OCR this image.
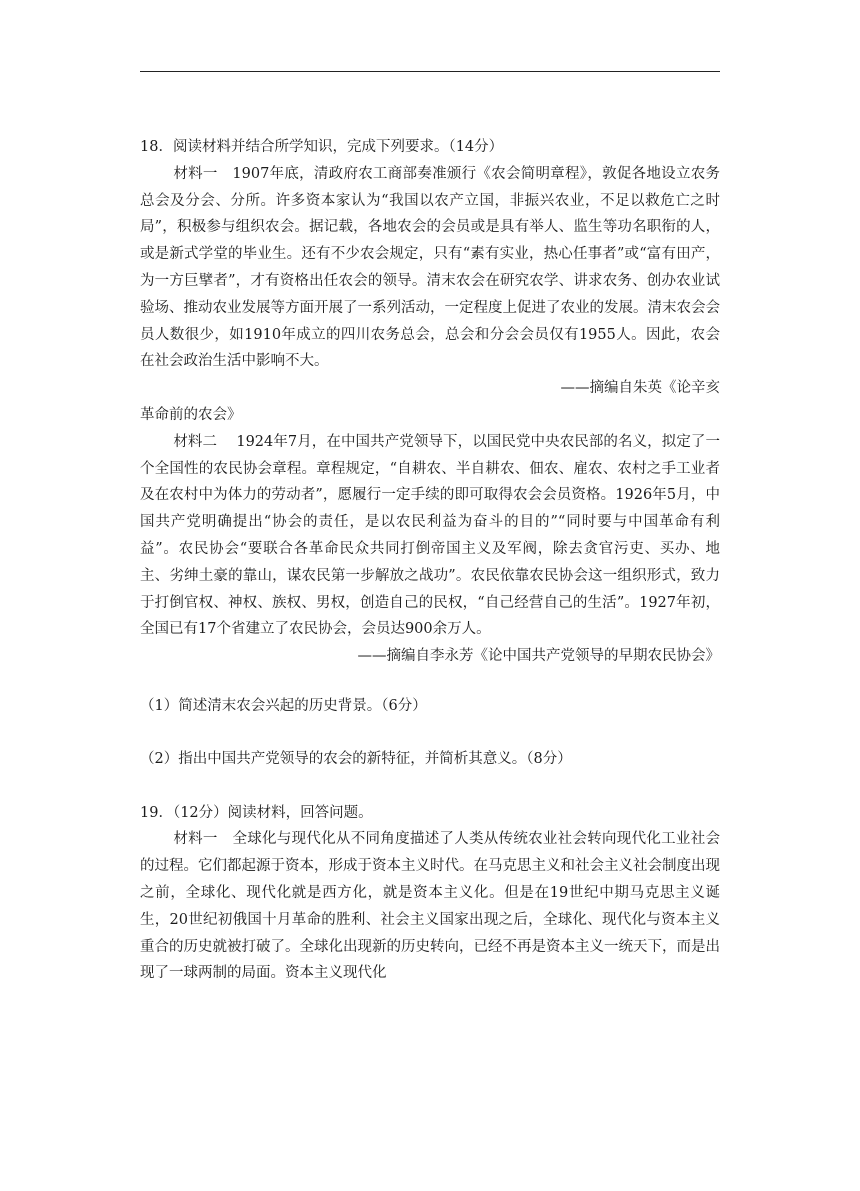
18．阅读材料并结合所学知识，完成下列要求。（14分）

材料一　1907年底，清政府农工商部奏准颁行《农会简明章程》，敦促各地设立农务总会及分会、分所。许多资本家认为“我国以农产立国，非振兴农业，不足以救危亡之时局”，积极参与组织农会。据记载，各地农会的会员或是具有举人、监生等功名职衔的人，或是新式学堂的毕业生。还有不少农会规定，只有“素有实业，热心任事者”或“富有田产，为一方巨擘者”，才有资格出任农会的领导。清末农会在研究农学、讲求农务、创办农业试验场、推动农业发展等方面开展了一系列活动，一定程度上促进了农业的发展。清末农会会员人数很少，如1910年成立的四川农务总会，总会和分会会员仅有1955人。因此，农会在社会政治生活中影响不大。

——摘编自朱英《论辛亥

革命前的农会》

材料二　 1924年7月，在中国共产党领导下，以国民党中央农民部的名义，拟定了一个全国性的农民协会章程。章程规定，“自耕农、半自耕农、佃农、雇农、农村之手工业者及在农村中为体力的劳动者”，愿履行一定手续的即可取得农会会员资格。1926年5月，中国共产党明确提出“协会的责任，是以农民利益为奋斗的目的”“同时要与中国革命有利益”。农民协会“要联合各革命民众共同打倒帝国主义及军阀，除去贪官污吏、买办、地主、劣绅土豪的靠山，谋农民第一步解放之战功”。农民依靠农民协会这一组织形式，致力于打倒官权、神权、族权、男权，创造自己的民权，“自己经营自己的生活”。1927年初，全国已有17个省建立了农民协会，会员达900余万人。

——摘编自李永芳《论中国共产党领导的早期农民协会》

（1）简述清末农会兴起的历史背景。（6分）

（2）指出中国共产党领导的农会的新特征，并简析其意义。（8分）

19．（12分）阅读材料，回答问题。

材料一　全球化与现代化从不同角度描述了人类从传统农业社会转向现代化工业社会的过程。它们都起源于资本，形成于资本主义时代。在马克思主义和社会主义社会制度出现之前，全球化、现代化就是西方化，就是资本主义化。但是在19世纪中期马克思主义诞生，20世纪初俄国十月革命的胜利、社会主义国家出现之后，全球化、现代化与资本主义重合的历史就被打破了。全球化出现新的历史转向，已经不再是资本主义一统天下，而是出现了一球两制的局面。资本主义现代化
